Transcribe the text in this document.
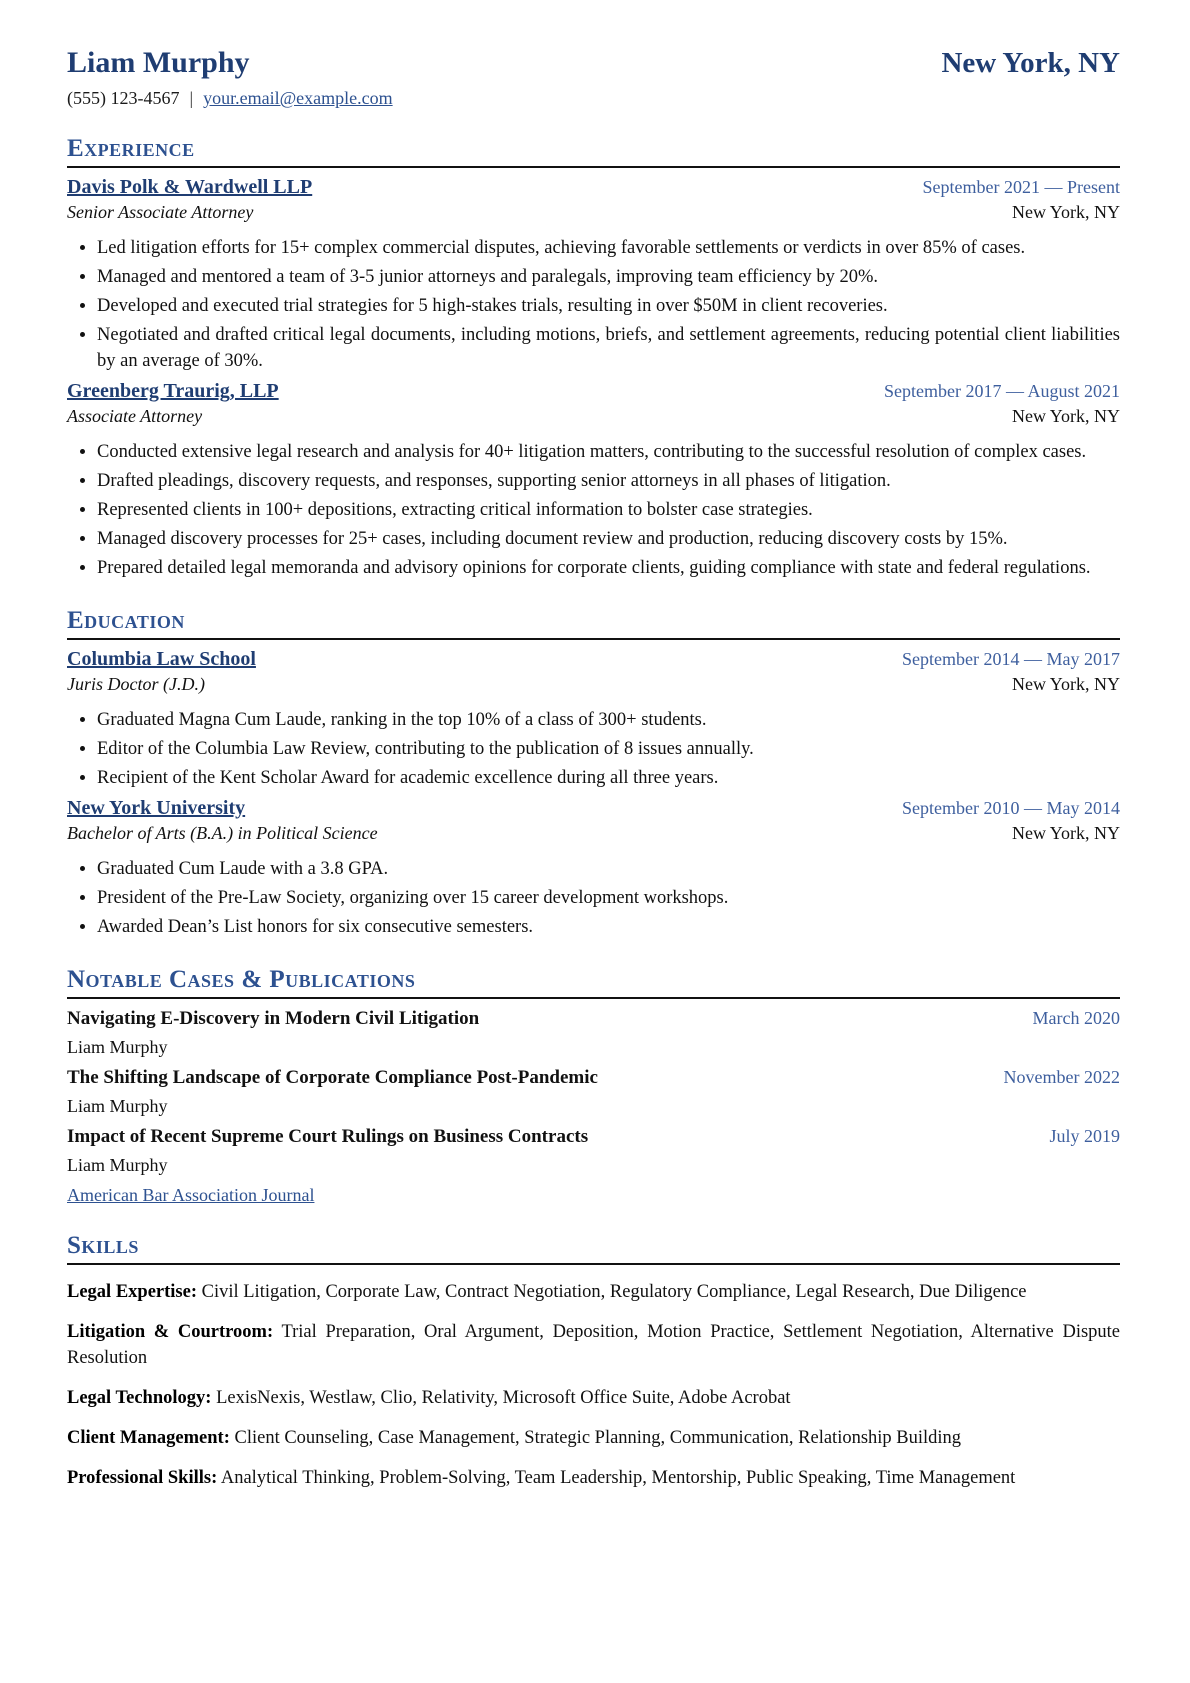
Liam Murphy	New York, NY
(555) 123-4567 | your.email@example.com
Experience
Davis Polk & Wardwell LLP	September 2021 — Present
Senior Associate Attorney	New York, NY
• Led litigation efforts for 15+ complex commercial disputes, achieving favorable settlements or verdicts in over 85% of cases.
• Managed and mentored a team of 3-5 junior attorneys and paralegals, improving team efficiency by 20%.
• Developed and executed trial strategies for 5 high-stakes trials, resulting in over $50M in client recoveries.
• Negotiated and drafted critical legal documents, including motions, briefs, and settlement agreements, reducing potential client liabilities by an average of 30%.
Greenberg Traurig, LLP	September 2017 — August 2021
Associate Attorney	New York, NY
• Conducted extensive legal research and analysis for 40+ litigation matters, contributing to the successful resolution of complex cases.
• Drafted pleadings, discovery requests, and responses, supporting senior attorneys in all phases of litigation.
• Represented clients in 100+ depositions, extracting critical information to bolster case strategies.
• Managed discovery processes for 25+ cases, including document review and production, reducing discovery costs by 15%.
• Prepared detailed legal memoranda and advisory opinions for corporate clients, guiding compliance with state and federal regulations.
Education
Columbia Law School	September 2014 — May 2017
Juris Doctor (J.D.)	New York, NY
• Graduated Magna Cum Laude, ranking in the top 10% of a class of 300+ students.
• Editor of the Columbia Law Review, contributing to the publication of 8 issues annually.
• Recipient of the Kent Scholar Award for academic excellence during all three years.
New York University	September 2010 — May 2014
Bachelor of Arts (B.A.) in Political Science	New York, NY
• Graduated Cum Laude with a 3.8 GPA.
• President of the Pre-Law Society, organizing over 15 career development workshops.
• Awarded Dean’s List honors for six consecutive semesters.
Notable Cases & Publications
Navigating E-Discovery in Modern Civil Litigation	March 2020
Liam Murphy
The Shifting Landscape of Corporate Compliance Post-Pandemic	November 2022
Liam Murphy
Impact of Recent Supreme Court Rulings on Business Contracts	July 2019
Liam Murphy
American Bar Association Journal
Skills

Legal Expertise: Civil Litigation, Corporate Law, Contract Negotiation, Regulatory Compliance, Legal Research, Due Diligence

Litigation & Courtroom: Trial Preparation, Oral Argument, Deposition, Motion Practice, Settlement Negotiation, Alternative Dispute Resolution

Legal Technology: LexisNexis, Westlaw, Clio, Relativity, Microsoft Office Suite, Adobe Acrobat

Client Management: Client Counseling, Case Management, Strategic Planning, Communication, Relationship Building

Professional Skills: Analytical Thinking, Problem-Solving, Team Leadership, Mentorship, Public Speaking, Time Management
